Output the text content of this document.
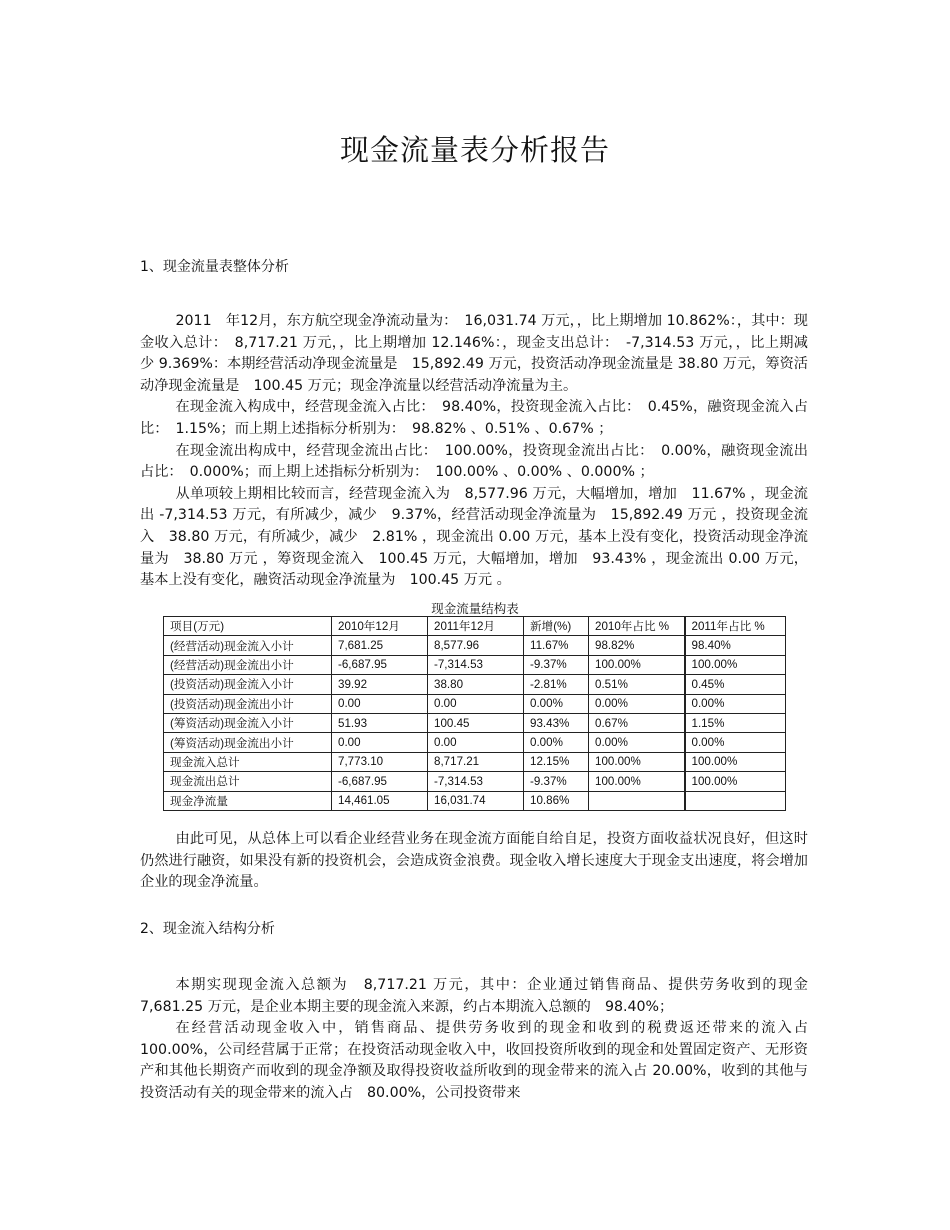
现金流量表分析报告
1、现金流量表整体分析

2011　年12月，东方航空现金净流动量为：　16,031.74 万元，，比上期增加 10.862%：，其中：现金收入总计：　8,717.21 万元，，比上期增加 12.146%：，现金支出总计：　-7,314.53 万元，，比上期减少 9.369%：本期经营活动净现金流量是　15,892.49 万元，投资活动净现金流量是 38.80 万元，筹资活动净现金流量是　100.45 万元；现金净流量以经营活动净流量为主。

在现金流入构成中，经营现金流入占比：　98.40%，投资现金流入占比：　0.45%，融资现金流入占比：　1.15%；而上期上述指标分析别为：　98.82% 、0.51% 、0.67% ；

在现金流出构成中，经营现金流出占比：　100.00%，投资现金流出占比：　0.00%，融资现金流出占比：　0.000%；而上期上述指标分析别为：　100.00% 、0.00% 、0.000% ；

从单项较上期相比较而言，经营现金流入为　8,577.96 万元，大幅增加，增加　11.67% ，现金流出 -7,314.53 万元，有所减少，减少　9.37%，经营活动现金净流量为　15,892.49 万元 ，投资现金流入　38.80 万元，有所减少，减少　2.81% ，现金流出 0.00 万元，基本上没有变化，投资活动现金净流量为　38.80 万元 ，筹资现金流入　100.45 万元，大幅增加，增加　93.43% ，现金流出 0.00 万元，基本上没有变化，融资活动现金净流量为　100.45 万元 。

现金流量结构表
项目(万元)	2010年12月	2011年12月	新增(%)	2010年占比 %	2011年占比 %
(经营活动)现金流入小计	7,681.25	8,577.96	11.67%	98.82%	98.40%
(经营活动)现金流出小计	-6,687.95	-7,314.53	-9.37%	100.00%	100.00%
(投资活动)现金流入小计	39.92	38.80	-2.81%	0.51%	0.45%
(投资活动)现金流出小计	0.00	0.00	0.00%	0.00%	0.00%
(筹资活动)现金流入小计	51.93	100.45	93.43%	0.67%	1.15%
(筹资活动)现金流出小计	0.00	0.00	0.00%	0.00%	0.00%
现金流入总计	7,773.10	8,717.21	12.15%	100.00%	100.00%
现金流出总计	-6,687.95	-7,314.53	-9.37%	100.00%	100.00%
现金净流量	14,461.05	16,031.74	10.86%		

由此可见，从总体上可以看企业经营业务在现金流方面能自给自足，投资方面收益状况良好，但这时仍然进行融资，如果没有新的投资机会，会造成资金浪费。现金收入增长速度大于现金支出速度，将会增加企业的现金净流量。

2、现金流入结构分析

本期实现现金流入总额为　8,717.21 万元，其中：企业通过销售商品、提供劳务收到的现金 7,681.25 万元，是企业本期主要的现金流入来源，约占本期流入总额的　98.40%；

在经营活动现金收入中，销售商品、提供劳务收到的现金和收到的税费返还带来的流入占 100.00%，公司经营属于正常；在投资活动现金收入中，收回投资所收到的现金和处置固定资产、无形资产和其他长期资产而收到的现金净额及取得投资收益所收到的现金带来的流入占 20.00%，收到的其他与投资活动有关的现金带来的流入占　80.00%，公司投资带来
